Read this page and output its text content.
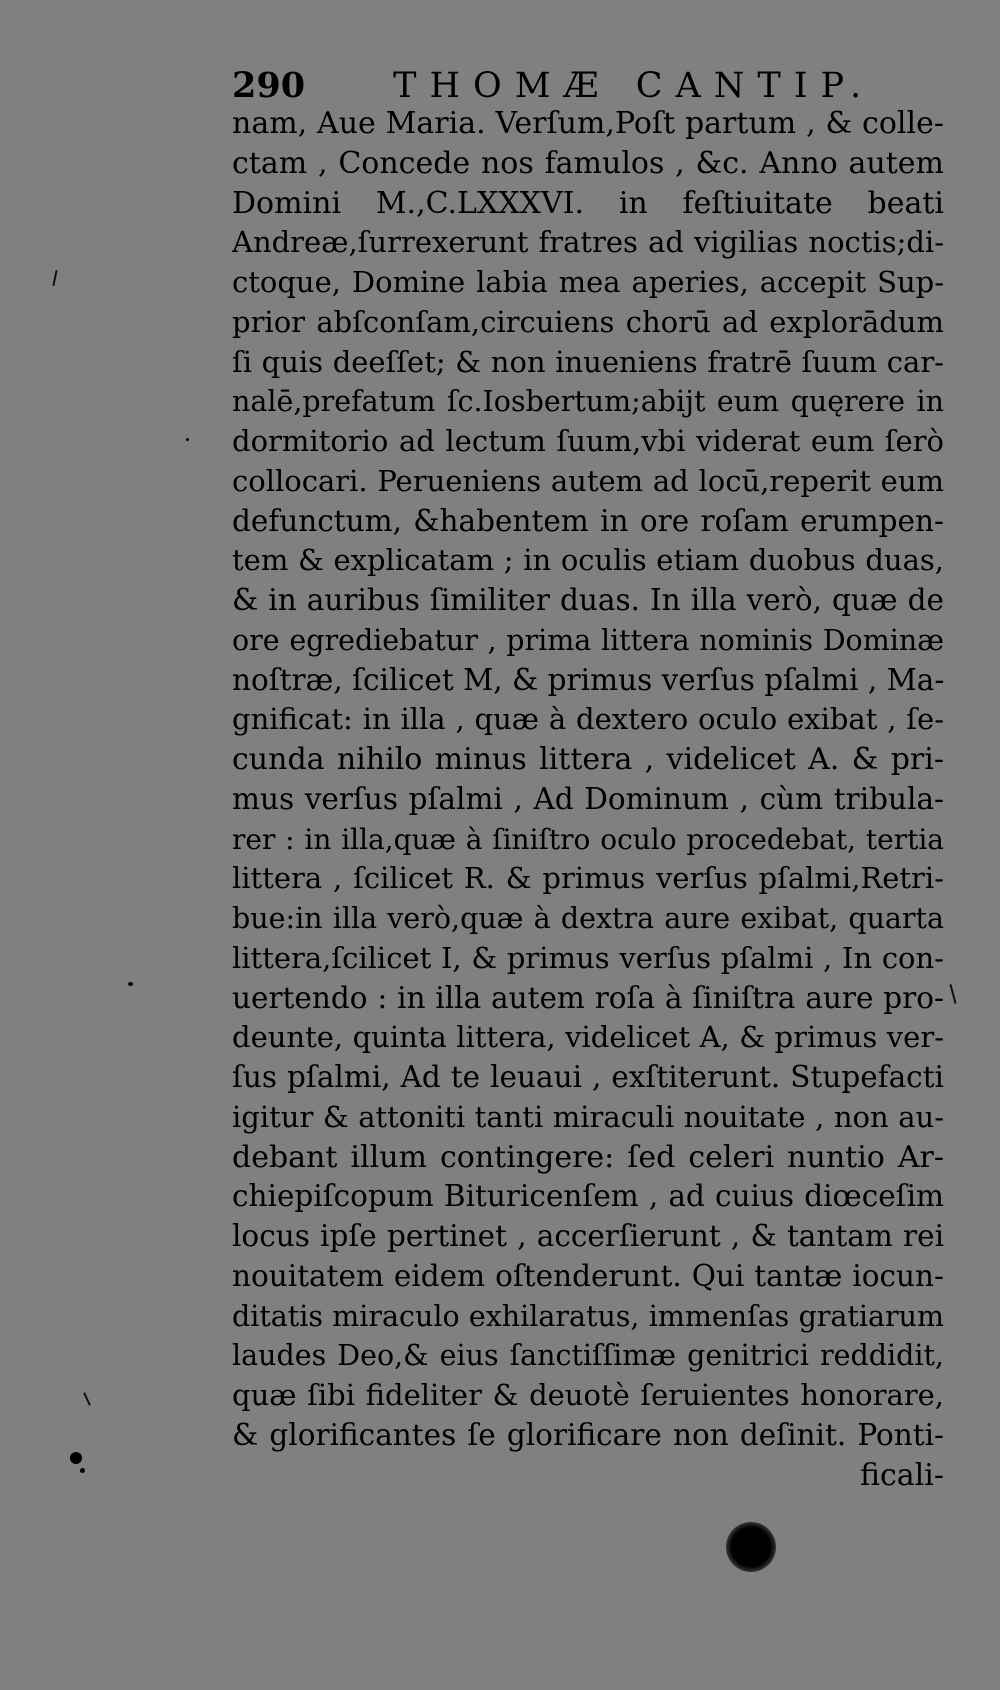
290	THOMÆ CANTIP.
nam, Aue Maria. Verſum,Poſt partum , & colle-
ctam , Concede nos famulos , &c. Anno autem
Domini M.,C.LXXXVI. in feſtiuitate beati
Andreæ,ſurrexerunt fratres ad vigilias noctis;di-
ctoque, Domine labia mea aperies, accepit Sup-
prior abſconſam,circuiens chorū ad explorādum
ſi quis deeſſet; & non inueniens fratrē ſuum car-
nalē,prefatum ſc.Iosbertum;abijt eum quęrere in
dormitorio ad lectum ſuum,vbi viderat eum ſerò
collocari. Perueniens autem ad locū,reperit eum
defunctum, &habentem in ore roſam erumpen-
tem & explicatam ; in oculis etiam duobus duas,
& in auribus ſimiliter duas. In illa verò, quæ de
ore egrediebatur , prima littera nominis Dominæ
noſtræ, ſcilicet M, & primus verſus pſalmi , Ma-
gnificat: in illa , quæ à dextero oculo exibat , ſe-
cunda nihilo minus littera , videlicet A. & pri-
mus verſus pſalmi , Ad Dominum , cùm tribula-
rer : in illa,quæ à ſiniſtro oculo procedebat, tertia
littera , ſcilicet R. & primus verſus pſalmi,Retri-
bue:in illa verò,quæ à dextra aure exibat, quarta
littera,ſcilicet I, & primus verſus pſalmi , In con-
uertendo : in illa autem roſa à ſiniſtra aure pro-
deunte, quinta littera, videlicet A, & primus ver-
ſus pſalmi, Ad te leuaui , exſtiterunt. Stupefacti
igitur & attoniti tanti miraculi nouitate , non au-
debant illum contingere: ſed celeri nuntio Ar-
chiepiſcopum Bituricenſem , ad cuius diœceſim
locus ipſe pertinet , accerſierunt , & tantam rei
nouitatem eidem oſtenderunt. Qui tantæ iocun-
ditatis miraculo exhilaratus, immenſas gratiarum
laudes Deo,& eius ſanctiſſimæ genitrici reddidit,
quæ ſibi fideliter & deuotè ſeruientes honorare,
& glorificantes ſe glorificare non deſinit. Ponti-
ficali-
